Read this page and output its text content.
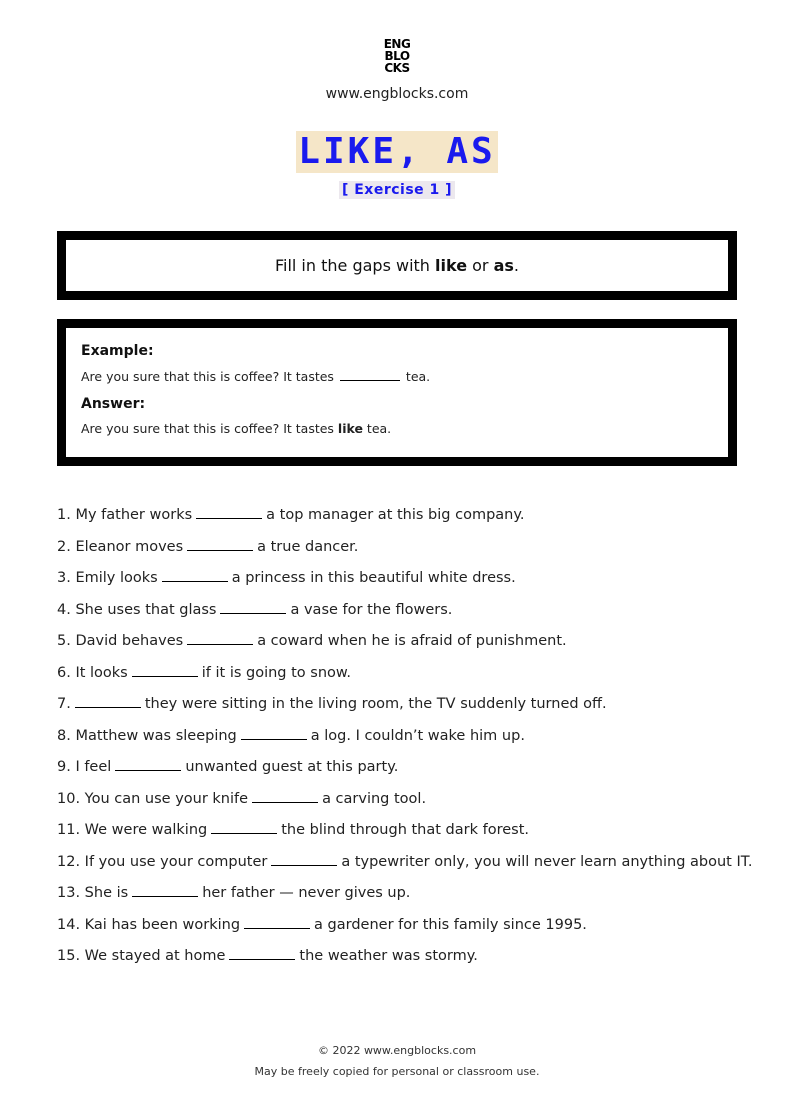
ENG
BLO
CKS
www.engblocks.com
LIKE, AS
[ Exercise 1 ]
Fill in the gaps with like or as.

Example:

Are you sure that this is coffee? It tastes	tea.

Answer:

Are you sure that this is coffee? It tastes like tea.

1. My father works	a top manager at this big company.
2. Eleanor moves	a true dancer.
3. Emily looks	a princess in this beautiful white dress.
4. She uses that glass	a vase for the flowers.
5. David behaves	a coward when he is afraid of punishment.
6. It looks	if it is going to snow.
7.	they were sitting in the living room, the TV suddenly turned off.
8. Matthew was sleeping	a log. I couldn’t wake him up.
9. I feel	unwanted guest at this party.
10. You can use your knife	a carving tool.
11. We were walking	the blind through that dark forest.
12. If you use your computer	a typewriter only, you will never learn anything about IT.
13. She is	her father — never gives up.
14. Kai has been working	a gardener for this family since 1995.
15. We stayed at home	the weather was stormy.
© 2022 www.engblocks.com
May be freely copied for personal or classroom use.
